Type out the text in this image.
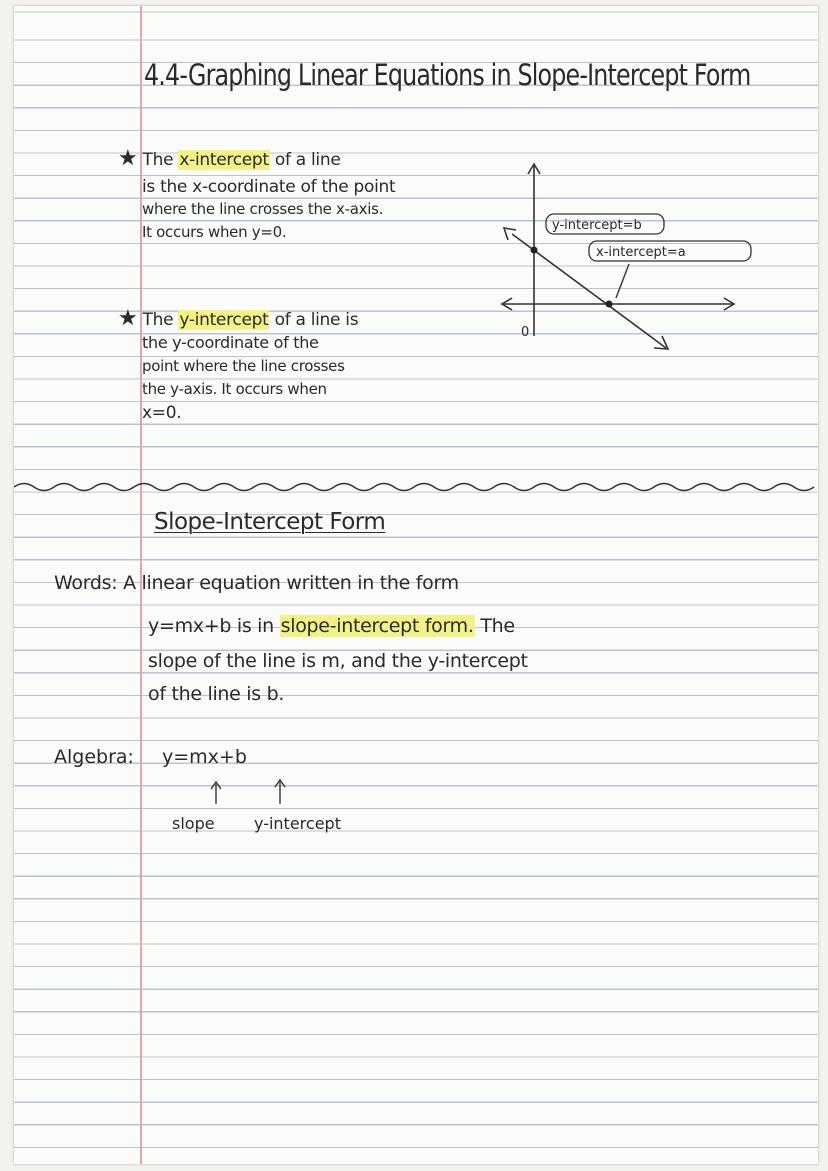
4.4-Graphing Linear Equations in Slope-Intercept Form
★ The x-intercept of a line
is the x-coordinate of the point
where the line crosses the x-axis.
It occurs when y=0.
★ The y-intercept of a line is
the y-coordinate of the
point where the line crosses
the y-axis. It occurs when
x=0.
y-intercept=b
x-intercept=a
0
Slope-Intercept Form
Words: A linear equation written in the form
y=mx+b is in slope-intercept form. The
slope of the line is m, and the y-intercept
of the line is b.
Algebra: y=mx+b
slope y-intercept
